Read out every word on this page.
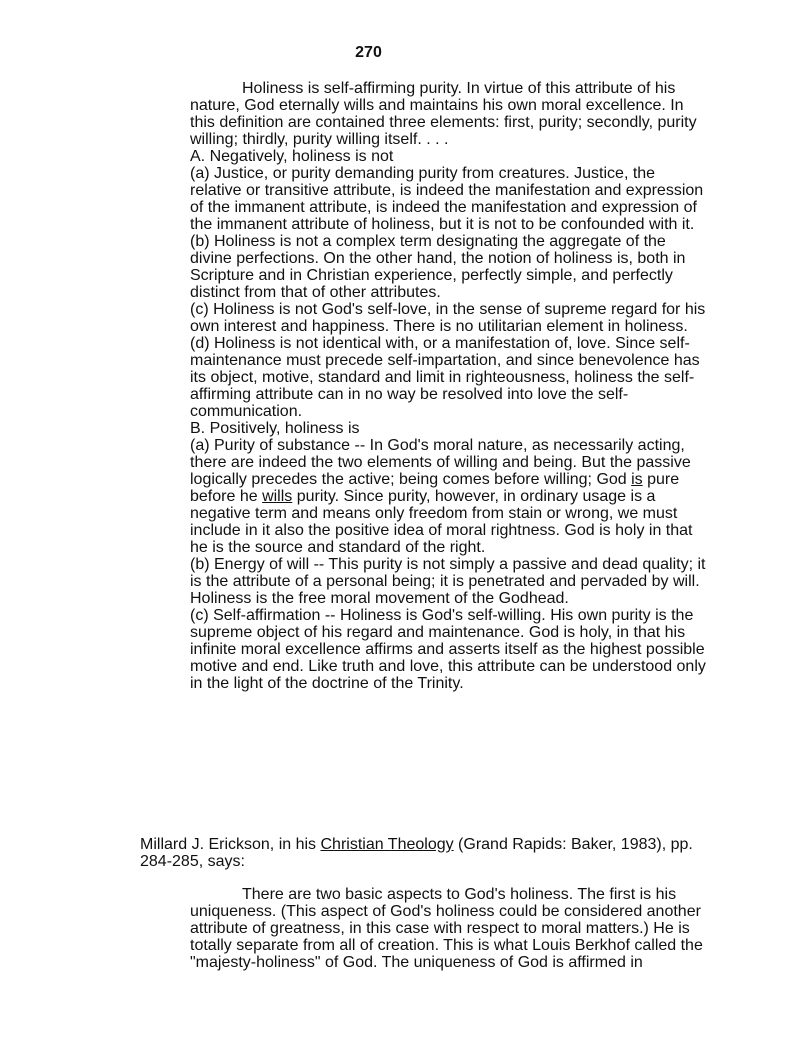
270

Holiness is self-affirming purity. In virtue of this attribute of his nature, God eternally wills and maintains his own moral excellence. In this definition are contained three elements: first, purity; secondly, purity willing; thirdly, purity willing itself. . . .

A. Negatively, holiness is not

(a) Justice, or purity demanding purity from creatures. Justice, the relative or transitive attribute, is indeed the manifestation and expression of the immanent attribute, is indeed the manifestation and expression of the immanent attribute of holiness, but it is not to be confounded with it.

(b) Holiness is not a complex term designating the aggregate of the divine perfections. On the other hand, the notion of holiness is, both in Scripture and in Christian experience, perfectly simple, and perfectly distinct from that of other attributes.

(c) Holiness is not God's self-love, in the sense of supreme regard for his own interest and happiness. There is no utilitarian element in holiness.

(d) Holiness is not identical with, or a manifestation of, love. Since self-maintenance must precede self-impartation, and since benevolence has its object, motive, standard and limit in righteousness, holiness the self-affirming attribute can in no way be resolved into love the self-communication.

B. Positively, holiness is

(a) Purity of substance -- In God's moral nature, as necessarily acting, there are indeed the two elements of willing and being. But the passive logically precedes the active; being comes before willing; God is pure before he wills purity. Since purity, however, in ordinary usage is a negative term and means only freedom from stain or wrong, we must include in it also the positive idea of moral rightness. God is holy in that he is the source and standard of the right.

(b) Energy of will -- This purity is not simply a passive and dead quality; it is the attribute of a personal being; it is penetrated and pervaded by will. Holiness is the free moral movement of the Godhead.

(c) Self-affirmation -- Holiness is God's self-willing. His own purity is the supreme object of his regard and maintenance. God is holy, in that his infinite moral excellence affirms and asserts itself as the highest possible motive and end. Like truth and love, this attribute can be understood only in the light of the doctrine of the Trinity.

Millard J. Erickson, in his Christian Theology (Grand Rapids: Baker, 1983), pp. 284-285, says:

There are two basic aspects to God's holiness. The first is his uniqueness. (This aspect of God's holiness could be considered another attribute of greatness, in this case with respect to moral matters.) He is totally separate from all of creation. This is what Louis Berkhof called the "majesty-holiness" of God. The uniqueness of God is affirmed in
